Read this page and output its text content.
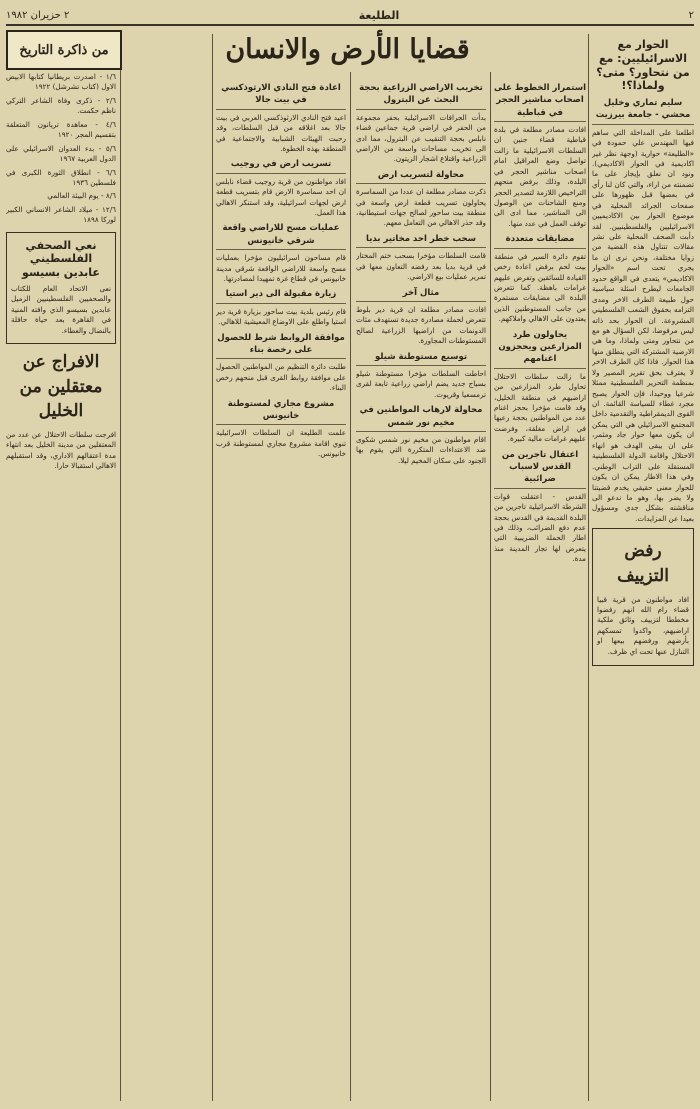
٢
الطليعة
٢ حزيران ١٩٨٢
قضايا الأرض والانسان	الحوار مع الاسرائيليين: مع من نتحاور؟ متى؟ ولماذا؟!
سليم تماري وخليل محشي - جامعة بيرزيت

اطلعنا على المداخلة التي ساهم فيها المهندس علي حمودة في «الطليعة» حوارية (وجهة نظر غير اكاديمية في الحوار الاكاديمي). ونود ان نعلق بإيجاز على ما تضمنته من اراء، والتي كان لنا رأي في بعضها قبل ظهورها على صفحات الجرائد المحلية في موضوع الحوار بين الاكاديميين الاسرائيليين والفلسطينيين. لقد دأبت الصحف المحلية على نشر مقالات تتناول هذه القضية من زوايا مختلفة، ونحن نرى ان ما يجري تحت اسم «الحوار الاكاديمي» يتعدى في الواقع حدود الجامعات ليطرح اسئلة سياسية حول طبيعة الطرف الاخر ومدى التزامه بحقوق الشعب الفلسطيني المشروعة. ان الحوار بحد ذاته ليس مرفوضا، لكن السؤال هو مع من نتحاور ومتى ولماذا، وما هي الارضية المشتركة التي ينطلق منها هذا الحوار. فاذا كان الطرف الاخر لا يعترف بحق تقرير المصير ولا بمنظمة التحرير الفلسطينية ممثلا شرعيا ووحيدا، فإن الحوار يصبح مجرد غطاء للسياسة القائمة. ان القوى الديمقراطية والتقدمية داخل المجتمع الاسرائيلي هي التي يمكن ان يكون معها حوار جاد ومثمر، على ان يبقى الهدف هو انهاء الاحتلال واقامة الدولة الفلسطينية المستقلة على التراب الوطني. وفي هذا الاطار يمكن ان يكون للحوار معنى حقيقي يخدم قضيتنا ولا يضر بها، وهو ما ندعو الى مناقشته بشكل جدي ومسؤول بعيدا عن المزايدات.

رفض التزييف

افاد مواطنون من قرية قبيا قضاء رام الله انهم رفضوا مخططا لتزييف وثائق ملكية اراضيهم، واكدوا تمسكهم بأرضهم ورفضهم بيعها او التنازل عنها تحت اي ظرف.

استمرار الخطوط على اصحاب مناشير الحجر في قباطية

افادت مصادر مطلعة في بلدة قباطية قضاء جنين ان السلطات الاسرائيلية ما زالت تواصل وضع العراقيل امام اصحاب مناشير الحجر في البلدة، وذلك برفض منحهم التراخيص اللازمة لتصدير الحجر ومنع الشاحنات من الوصول الى المناشير، مما ادى الى توقف العمل في عدد منها.

مضايقات متعددة

تقوم دائرة السير في منطقة بيت لحم برفض اعادة رخص القيادة للسائقين وتفرض عليهم غرامات باهظة. كما تتعرض البلدة الى مضايقات مستمرة من جانب المستوطنين الذين يعتدون على الاهالي واملاكهم.

يحاولون طرد المزارعين ويحجزون اغنامهم

ما زالت سلطات الاحتلال تحاول طرد المزارعين من اراضيهم في منطقة الخليل، وقد قامت مؤخرا بحجز اغنام عدد من المواطنين بحجة رعيها في اراض مغلقة، وفرضت عليهم غرامات مالية كبيرة.

اعتقال تاجرين من القدس لاسباب ضرائبية

القدس - اعتقلت قوات الشرطة الاسرائيلية تاجرين من البلدة القديمة في القدس بحجة عدم دفع الضرائب، وذلك في اطار الحملة الضريبية التي يتعرض لها تجار المدينة منذ مدة.

تخريب الاراضي الزراعية بحجة البحث عن البترول

بدأت الجرافات الاسرائيلية بحفر مجموعة من الحفر في اراضي قرية جماعين قضاء نابلس بحجة التنقيب عن البترول، مما ادى الى تخريب مساحات واسعة من الاراضي الزراعية واقتلاع اشجار الزيتون.

محاولة لتسريب ارض

ذكرت مصادر مطلعة ان عددا من السماسرة يحاولون تسريب قطعة ارض واسعة في منطقة بيت ساحور لصالح جهات استيطانية، وقد حذر الاهالي من التعامل معهم.

سحب خطر احد مخاتير بديا

قامت السلطات مؤخرا بسحب ختم المختار في قرية بديا بعد رفضه التعاون معها في تمرير عمليات بيع الاراضي.

مثال آخر

افادت مصادر مطلعة ان قرية دير بلوط تتعرض لحملة مصادرة جديدة تستهدف مئات الدونمات من اراضيها الزراعية لصالح المستوطنات المجاورة.

توسيع مستوطنة شيلو

احاطت السلطات مؤخرا مستوطنة شيلو بسياج جديد يضم اراضي زراعية تابعة لقرى ترمسعيا وقريوت.

محاولة لارهاب المواطنين في مخيم نور شمس

اقام مواطنون من مخيم نور شمس شكوى ضد الاعتداءات المتكررة التي يقوم بها الجنود على سكان المخيم ليلا.

اعادة فتح النادي الارثوذكسي في بيت جالا

اعيد فتح النادي الارثوذكسي العربي في بيت جالا بعد اغلاقه من قبل السلطات، وقد رحبت الهيئات الشبابية والاجتماعية في المنطقة بهذه الخطوة.

تسريب ارض في روجيب

افاد مواطنون من قرية روجيب قضاء نابلس ان احد سماسرة الارض قام بتسريب قطعة ارض لجهات اسرائيلية، وقد استنكر الاهالي هذا العمل.

عمليات مسح للاراضي واقعة شرقي خانيونس

قام مساحون اسرائيليون مؤخرا بعمليات مسح واسعة للاراضي الواقعة شرقي مدينة خانيونس في قطاع غزة تمهيدا لمصادرتها.

زيارة مقبولة الى دير استيا

قام رئيس بلدية بيت ساحور بزيارة قرية دير استيا واطلع على الاوضاع المعيشية للاهالي.

موافقة الروابط شرط للحصول على رخصة بناء

طلبت دائرة التنظيم من المواطنين الحصول على موافقة روابط القرى قبل منحهم رخص البناء.

مشروع مجاري لمستوطنة خانيونس

علمت الطليعة ان السلطات الاسرائيلية تنوي اقامة مشروع مجاري لمستوطنة قرب خانيونس.

من ذاكرة التاريخ

١/٦ - اصدرت بريطانيا كتابها الابيض الاول (كتاب تشرشل) ١٩٢٢

٢/٦ - ذكرى وفاة الشاعر التركي ناظم حكمت.

٤/٦ - معاهدة تريانون المتعلقة بتقسيم المجر ١٩٢٠

٥/٦ - بدء العدوان الاسرائيلي على الدول العربية ١٩٦٧

٦/٦ - انطلاق الثورة الكبرى في فلسطين ١٩٣٦

٨/٦ - يوم البيئة العالمي

١٢/٦ - ميلاد الشاعر الانساني الكبير لوركا ١٨٩٨

نعي الصحفي الفلسطيني عابدين بسيسو

نعى الاتحاد العام للكتاب والصحفيين الفلسطينيين الزميل عابدين بسيسو الذي وافته المنية في القاهرة بعد حياة حافلة بالنضال والعطاء.

الافراج عن معتقلين من الخليل

افرجت سلطات الاحتلال عن عدد من المعتقلين من مدينة الخليل بعد انتهاء مدة اعتقالهم الاداري، وقد استقبلهم الاهالي استقبالا حارا.
